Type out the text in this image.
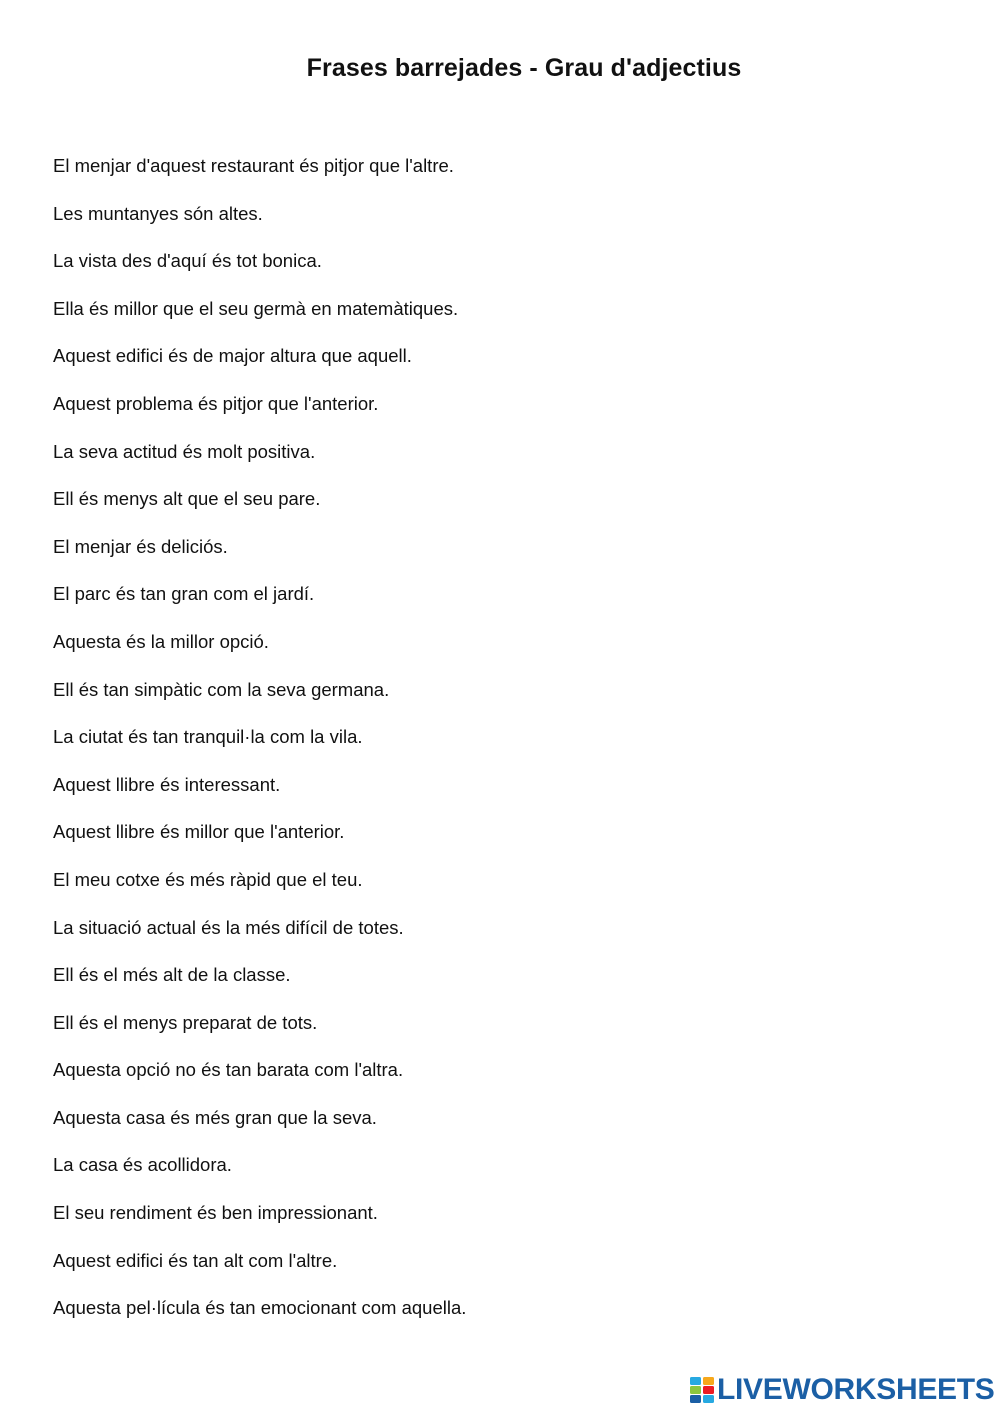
Frases barrejades - Grau d'adjectius
El menjar d'aquest restaurant és pitjor que l'altre.
Les muntanyes són altes.
La vista des d'aquí és tot bonica.
Ella és millor que el seu germà en matemàtiques.
Aquest edifici és de major altura que aquell.
Aquest problema és pitjor que l'anterior.
La seva actitud és molt positiva.
Ell és menys alt que el seu pare.
El menjar és deliciós.
El parc és tan gran com el jardí.
Aquesta és la millor opció.
Ell és tan simpàtic com la seva germana.
La ciutat és tan tranquil·la com la vila.
Aquest llibre és interessant.
Aquest llibre és millor que l'anterior.
El meu cotxe és més ràpid que el teu.
La situació actual és la més difícil de totes.
Ell és el més alt de la classe.
Ell és el menys preparat de tots.
Aquesta opció no és tan barata com l'altra.
Aquesta casa és més gran que la seva.
La casa és acollidora.
El seu rendiment és ben impressionant.
Aquest edifici és tan alt com l'altre.
Aquesta pel·lícula és tan emocionant com aquella.
LIVEWORKSHEETS
